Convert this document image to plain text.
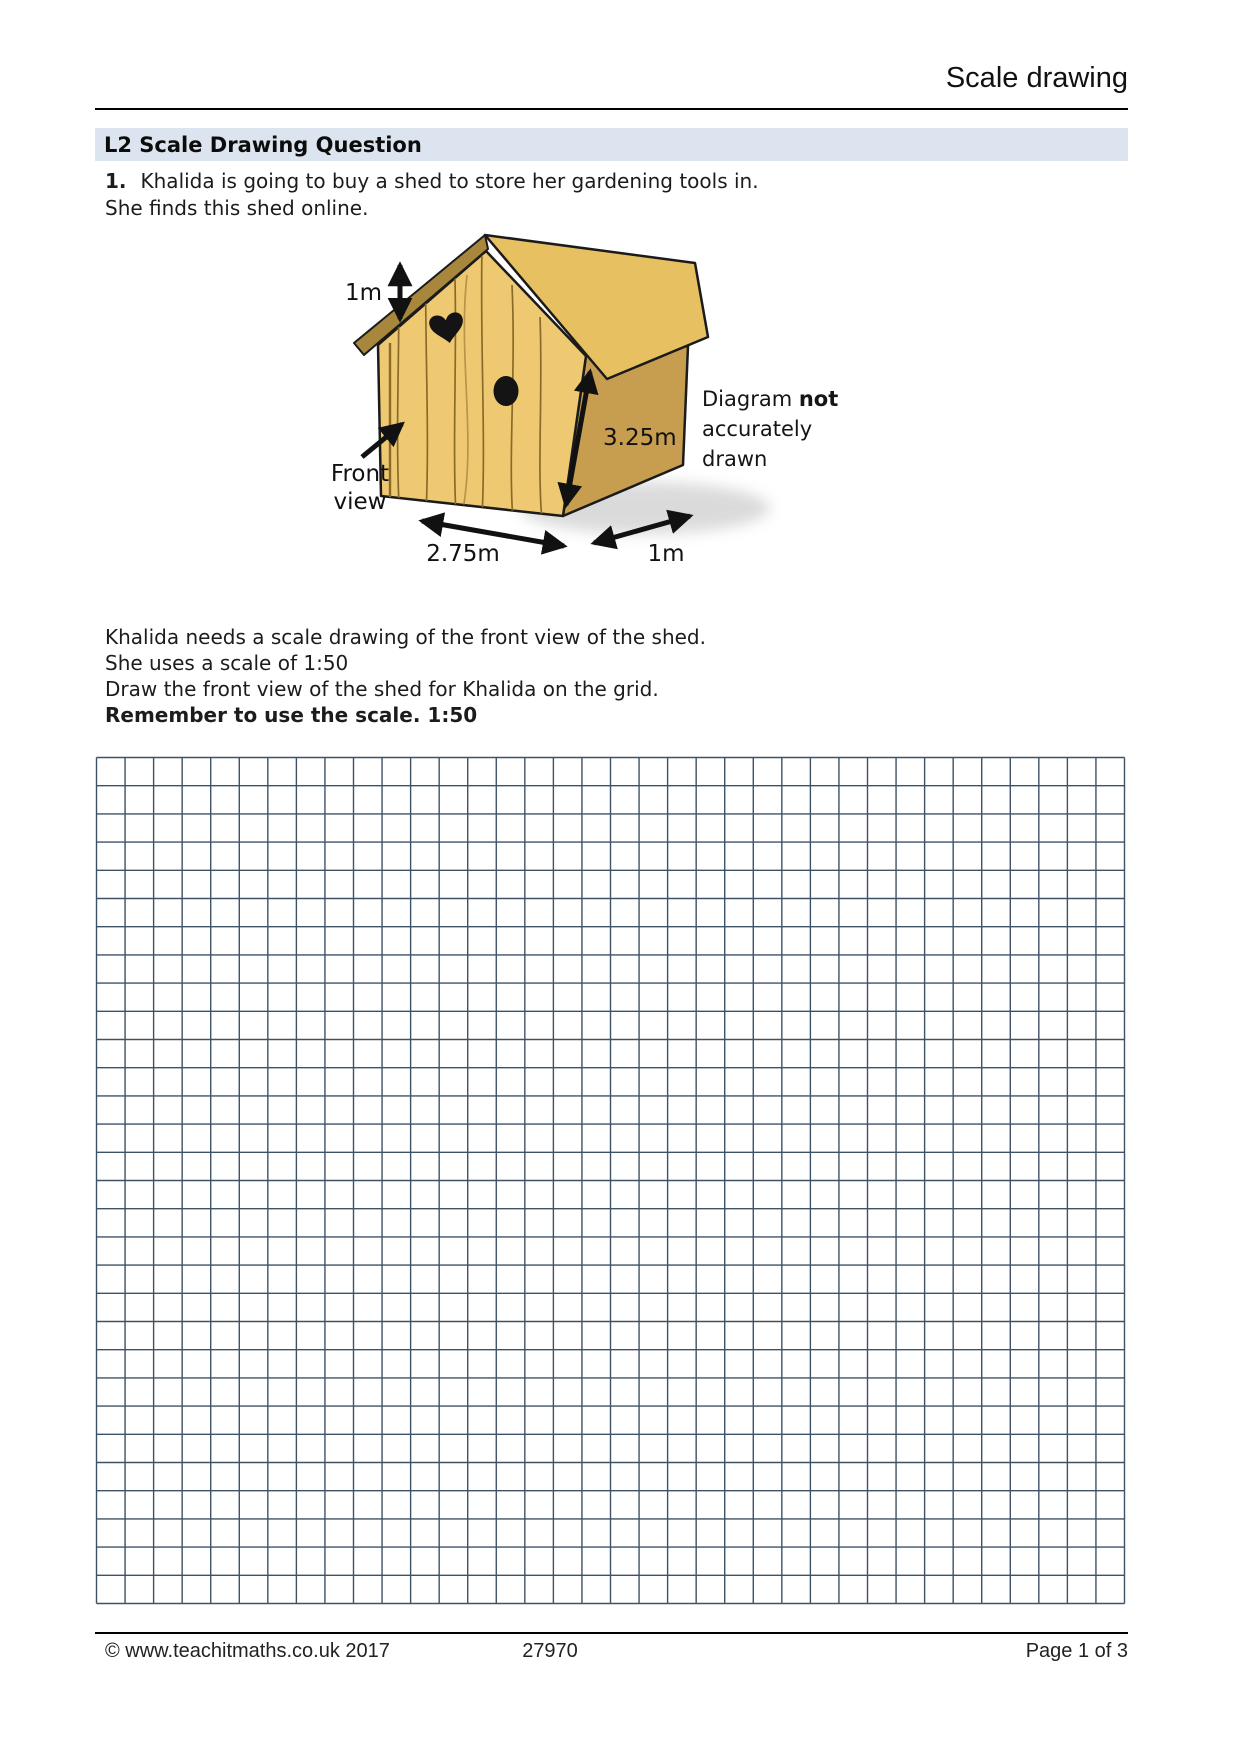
Scale drawing
L2 Scale Drawing Question
1. Khalida is going to buy a shed to store her gardening tools in.
She finds this shed online.
1m
3.25m
2.75m	1m
Front
view
Diagram not accurately
drawn
Khalida needs a scale drawing of the front view of the shed.
She uses a scale of 1:50
Draw the front view of the shed for Khalida on the grid.
Remember to use the scale. 1:50
© www.teachitmaths.co.uk 2017	27970	Page 1 of 3
